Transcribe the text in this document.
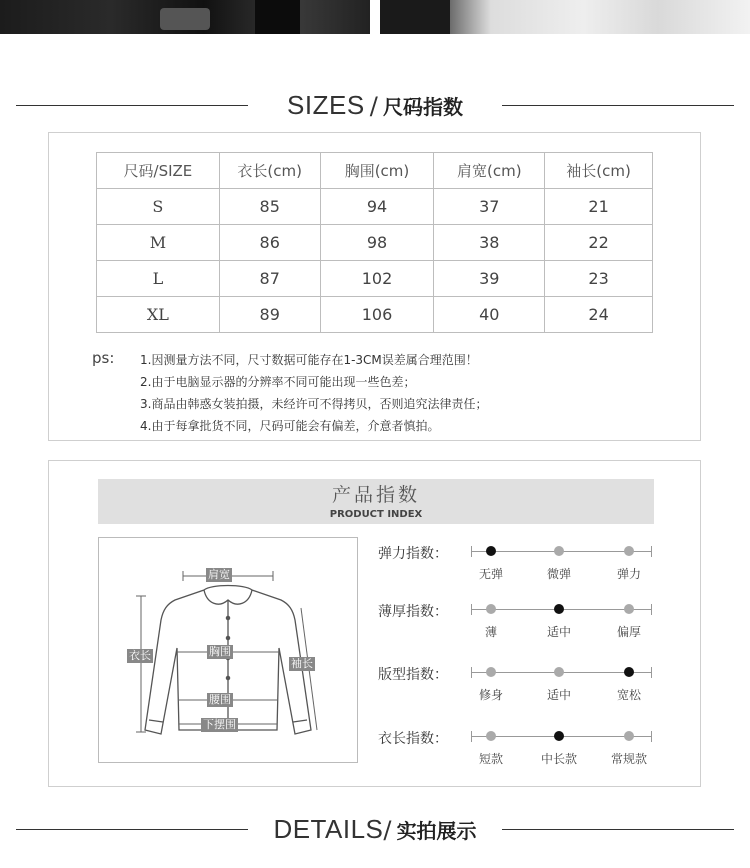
SIZES / 尺码指数
尺码/SIZE	衣长(cm)	胸围(cm)	肩宽(cm)	袖长(cm)
S	85	94	37	21
M	86	98	38	22
L	87	102	39	23
XL	89	106	40	24
ps: 1.因测量方法不同，尺寸数据可能存在1-3CM误差属合理范围！
2.由于电脑显示器的分辨率不同可能出现一些色差；
3.商品由韩惑女装拍摄，未经许可不得拷贝，否则追究法律责任；
4.由于每拿批货不同，尺码可能会有偏差，介意者慎拍。
产品指数
PRODUCT INDEX
肩宽
衣长	胸围
袖长
腰围
下摆围
弹力指数：
无弹	微弹	弹力
薄厚指数：
薄	适中	偏厚
版型指数：
修身	适中	宽松
衣长指数：
短款	中长款	常规款
DETAILS/ 实拍展示
